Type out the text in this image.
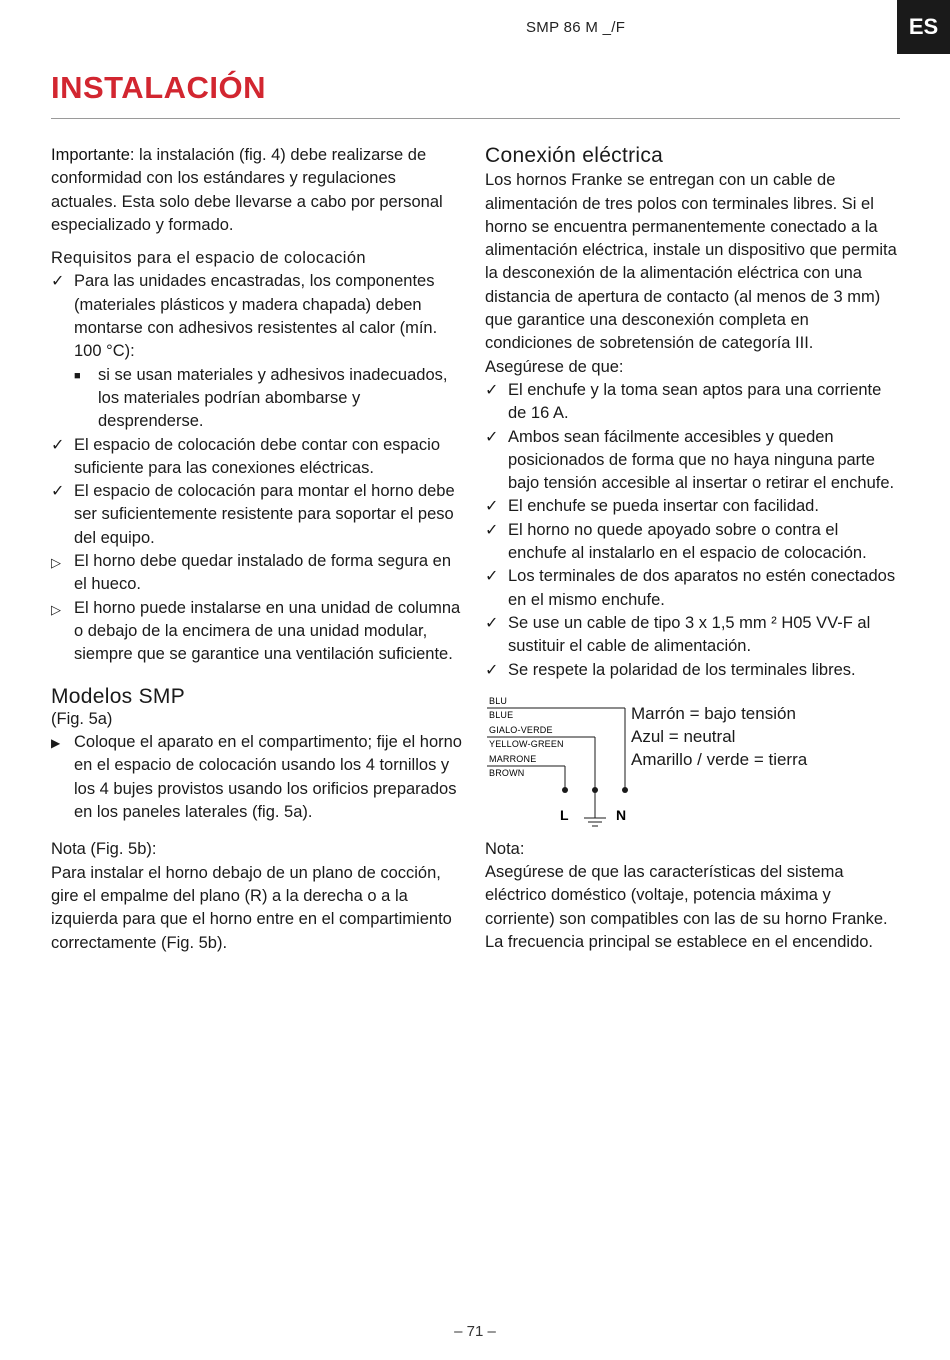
SMP 86 M _/F	ES
INSTALACIÓN

Importante: la instalación (fig. 4) debe realizarse de conformidad con los estándares y regulaciones actuales. Esta solo debe llevarse a cabo por personal especializado y formado.

Requisitos para el espacio de colocación

✓ Para las unidades encastradas, los componentes (materiales plásticos y madera chapada) deben montarse con adhesivos resistentes al calor (mín. 100 °C):
■	si se usan materiales y adhesivos inadecuados, los materiales podrían abombarse y desprenderse.
✓ El espacio de colocación debe contar con espacio suficiente para las conexiones eléctricas.
✓ El espacio de colocación para montar el horno debe ser suficientemente resistente para soportar el peso del equipo.
▷ El horno debe quedar instalado de forma segura en el hueco.
▷ El horno puede instalarse en una unidad de columna o debajo de la encimera de una unidad modular, siempre que se garantice una ventilación suficiente.
Modelos SMP

(Fig. 5a)

▶ Coloque el aparato en el compartimento; fije el horno en el espacio de colocación usando los 4 tornillos y los 4 bujes provistos usando los orificios preparados en los paneles laterales (fig. 5a).

Nota (Fig. 5b):

Para instalar el horno debajo de un plano de cocción, gire el empalme del plano (R) a la derecha o a la izquierda para que el horno entre en el compartimiento correctamente (Fig. 5b).

Conexión eléctrica

Los hornos Franke se entregan con un cable de alimentación de tres polos con terminales libres. Si el horno se encuentra permanentemente conectado a la alimentación eléctrica, instale un dispositivo que permita la desconexión de la alimentación eléctrica con una distancia de apertura de contacto (al menos de 3 mm) que garantice una desconexión completa en condiciones de sobretensión de categoría III.

Asegúrese de que:

✓ El enchufe y la toma sean aptos para una corriente de 16 A.
✓ Ambos sean fácilmente accesibles y queden posicionados de forma que no haya ninguna parte bajo tensión accesible al insertar o retirar el enchufe.
✓ El enchufe se pueda insertar con facilidad.
✓ El horno no quede apoyado sobre o contra el enchufe al instalarlo en el espacio de colocación.
✓ Los terminales de dos aparatos no estén conectados en el mismo enchufe.
✓ Se use un cable de tipo 3 x 1,5 mm ² H05 VV-F al sustituir el cable de alimentación.
✓ Se respete la polaridad de los terminales libres.
BLU
BLUE
GIALO-VERDE
YELLOW-GREEN
MARRONE
BROWN
L	N
Marrón = bajo tensión
Azul = neutral
Amarillo / verde = tierra

Nota:

Asegúrese de que las características del sistema eléctrico doméstico (voltaje, potencia máxima y corriente) son compatibles con las de su horno Franke. La frecuencia principal se establece en el encendido.

– 71 –
